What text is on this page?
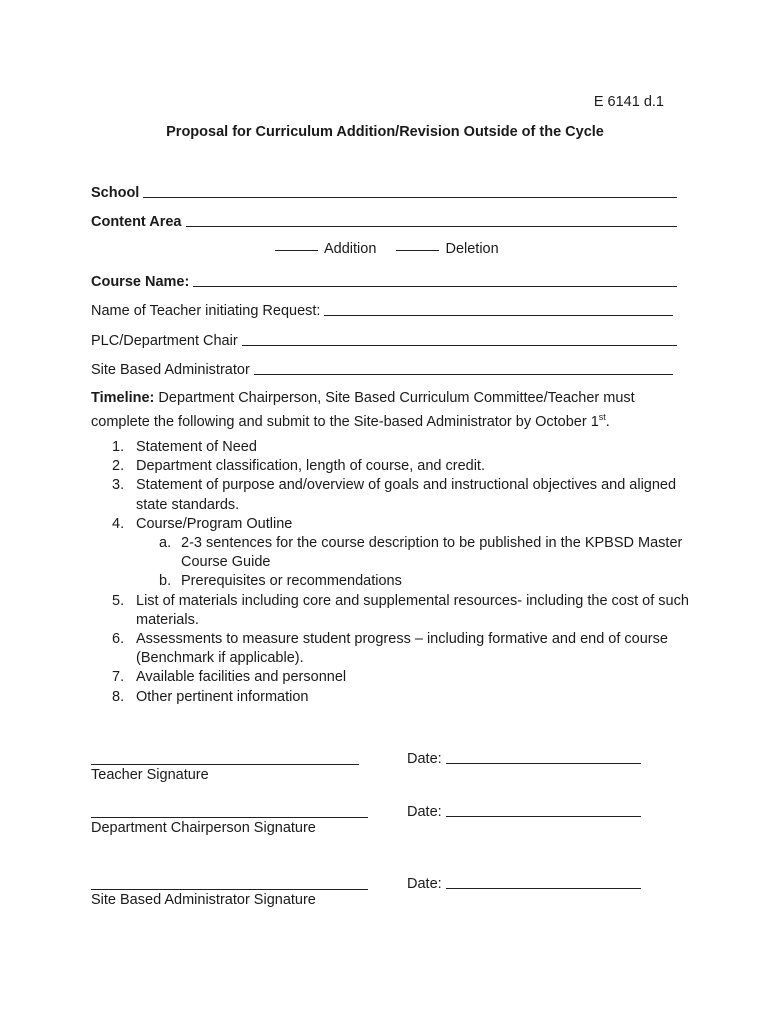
E 6141 d.1
Proposal for Curriculum Addition/Revision Outside of the Cycle
School
Content Area
Addition	Deletion
Course Name:
Name of Teacher initiating Request:
PLC/Department Chair
Site Based Administrator
Timeline: Department Chairperson, Site Based Curriculum Committee/Teacher must complete the following and submit to the Site-based Administrator by October 1st.
1. Statement of Need
2. Department classification, length of course, and credit.
3. Statement of purpose and/overview of goals and instructional objectives and aligned state standards.
4. Course/Program Outline
a. 2-3 sentences for the course description to be published in the KPBSD Master Course Guide
b. Prerequisites or recommendations
5. List of materials including core and supplemental resources- including the cost of such materials.
6. Assessments to measure student progress – including formative and end of course (Benchmark if applicable).
7. Available facilities and personnel
8. Other pertinent information
Teacher Signature
Date:
Department Chairperson Signature
Date:
Site Based Administrator Signature
Date:
